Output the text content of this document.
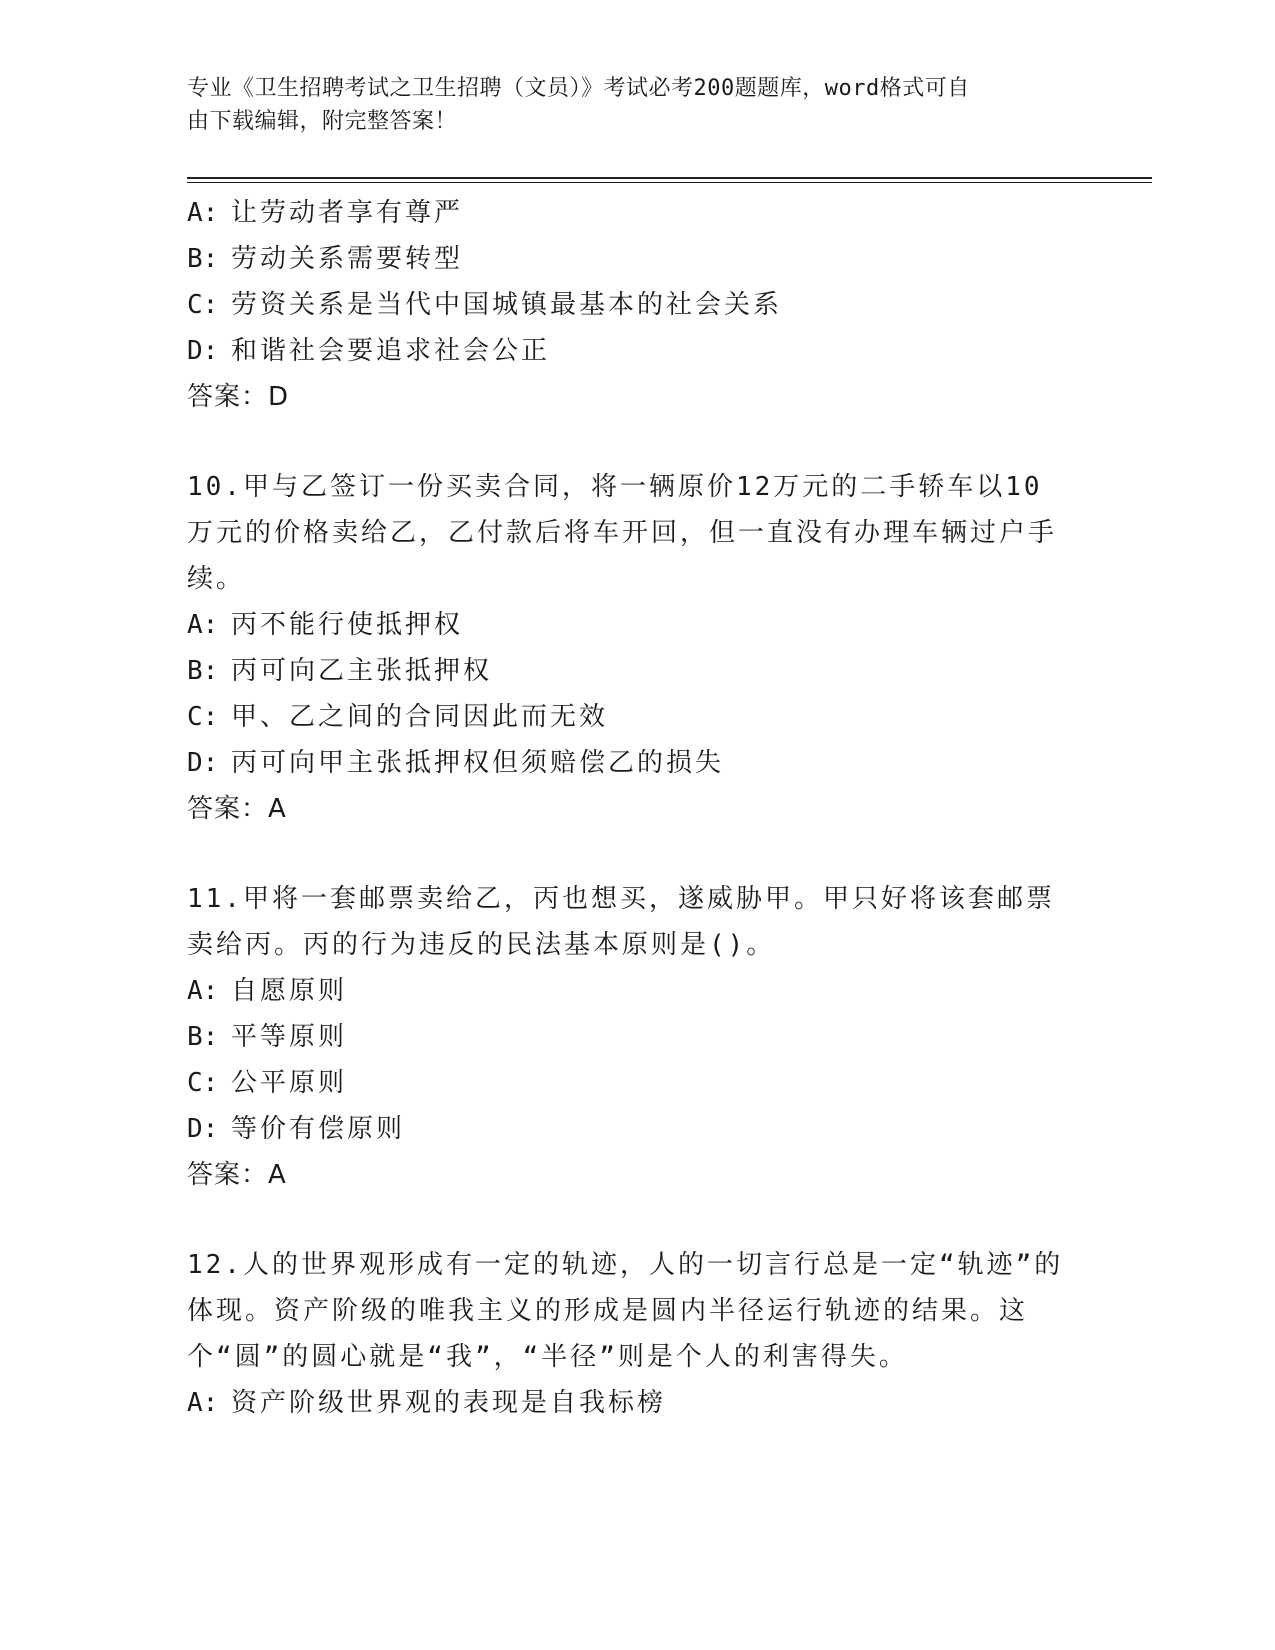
专业《卫生招聘考试之卫生招聘（文员）》考试必考200题题库，word格式可自
由下载编辑，附完整答案！
A: 让劳动者享有尊严
B: 劳动关系需要转型
C: 劳资关系是当代中国城镇最基本的社会关系
D: 和谐社会要追求社会公正
答案：D
10.甲与乙签订一份买卖合同，将一辆原价12万元的二手轿车以10万元的价格卖给乙，乙付款后将车开回，但一直没有办理车辆过户手续。
A: 丙不能行使抵押权
B: 丙可向乙主张抵押权
C: 甲、乙之间的合同因此而无效
D: 丙可向甲主张抵押权但须赔偿乙的损失
答案：A
11.甲将一套邮票卖给乙，丙也想买，遂威胁甲。甲只好将该套邮票卖给丙。丙的行为违反的民法基本原则是()。
A: 自愿原则
B: 平等原则
C: 公平原则
D: 等价有偿原则
答案：A
12.人的世界观形成有一定的轨迹，人的一切言行总是一定“轨迹”的体现。资产阶级的唯我主义的形成是圆内半径运行轨迹的结果。这个“圆”的圆心就是“我”，“半径”则是个人的利害得失。
A: 资产阶级世界观的表现是自我标榜
